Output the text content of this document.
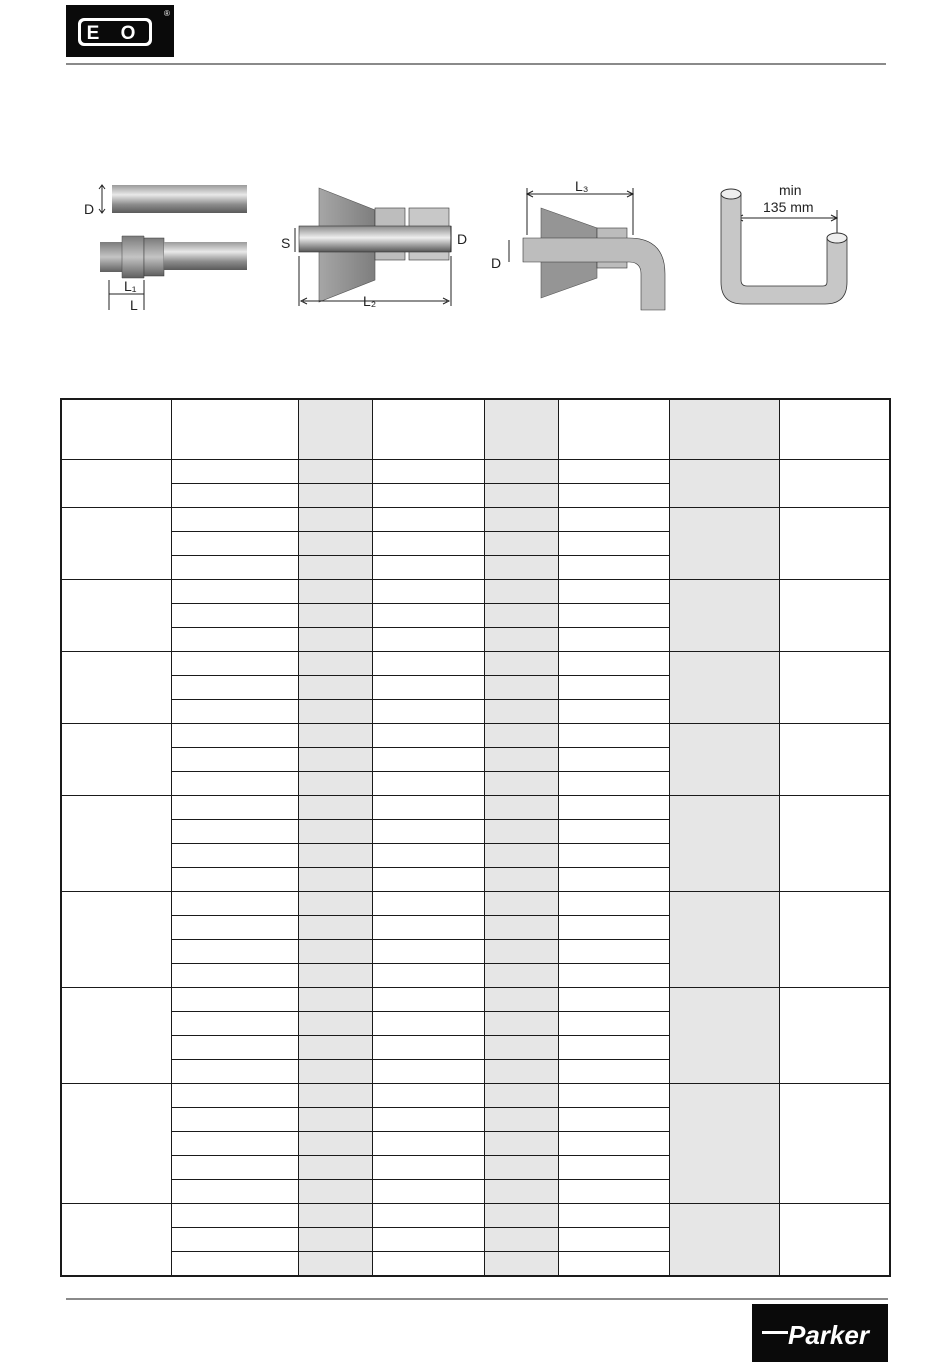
E O
®
D
L₁
L
S	D
L₂
L₃
D
min
135 mm

Parker
